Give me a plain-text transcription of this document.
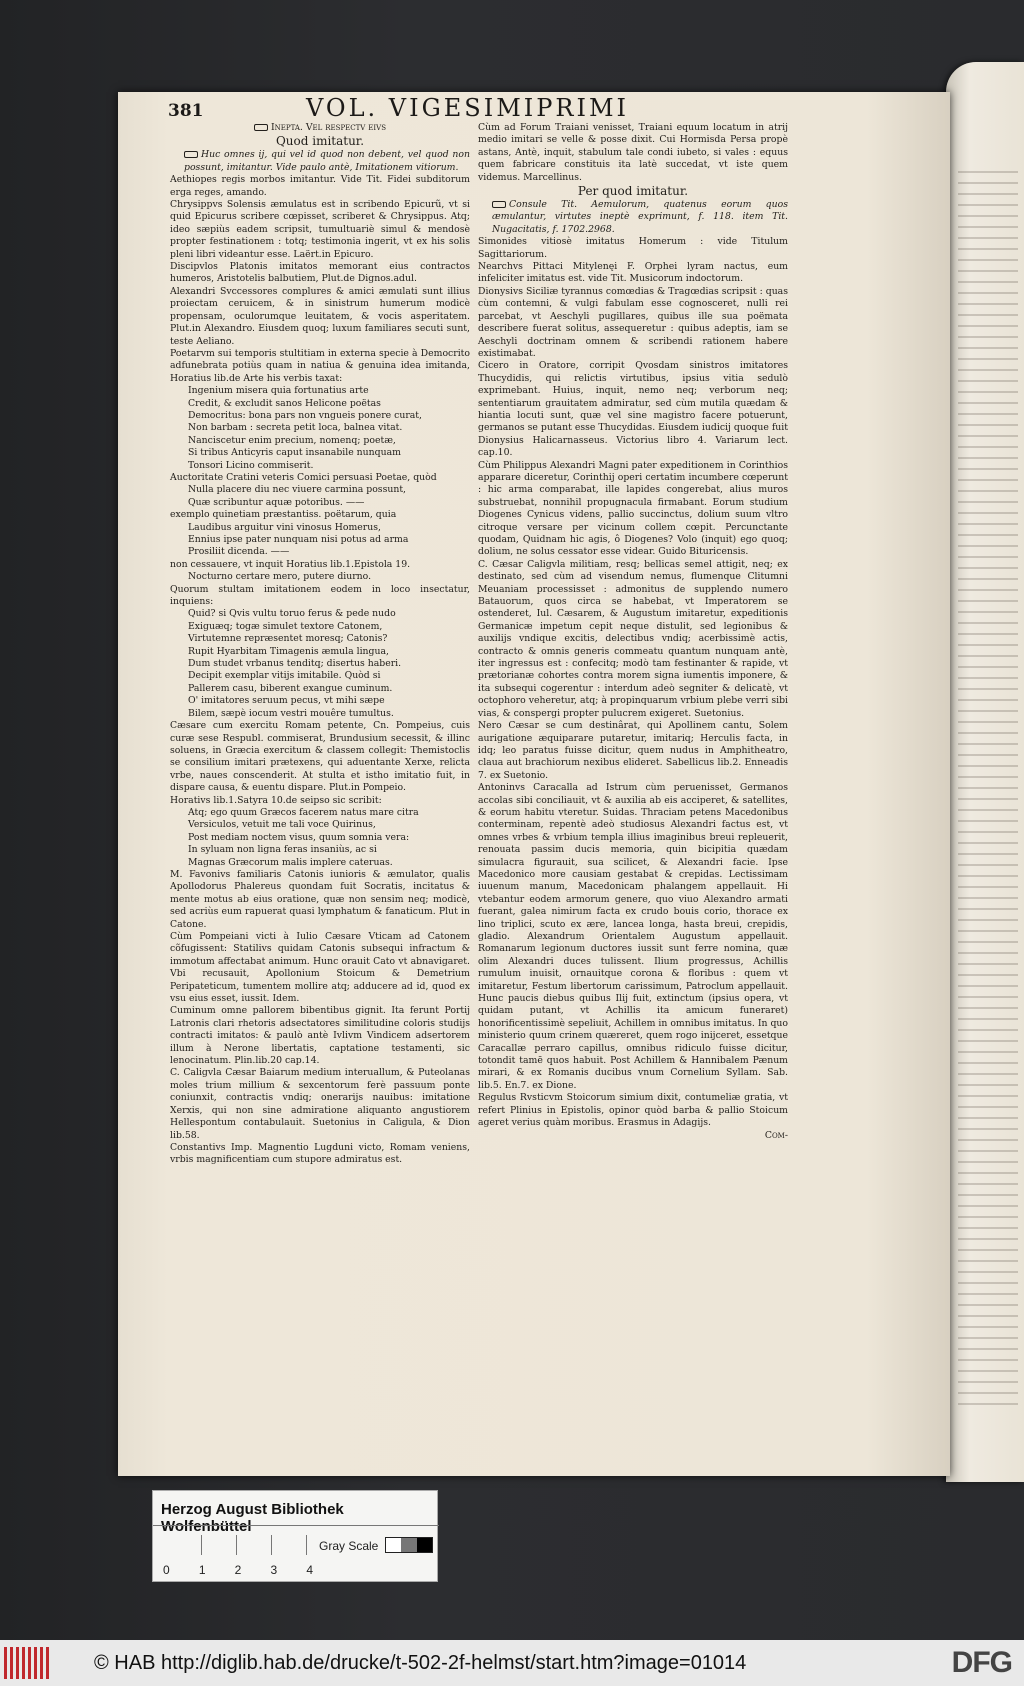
381	VOL. VIGESIMIPRIMI
Inepta. Vel respectv eivs
Quod imitatur.
Huc omnes ij, qui vel id quod non debent, vel quod non possunt, imitantur. Vide paulo antè, Imitationem vitiorum.
Aethiopes regis morbos imitantur. Vide Tit. Fidei subditorum erga reges, amando.
Chrysippvs Solensis æmulatus est in scribendo Epicurũ, vt si quid Epicurus scribere cœpisset, scriberet & Chrysippus. Atq; ideo sæpiùs eadem scripsit, tumultuariè simul & mendosè propter festinationem : totq; testimonia ingerit, vt ex his solis pleni libri videantur esse. Laërt.in Epicuro.
Discipvlos Platonis imitatos memorant eius contractos humeros, Aristotelis balbutiem, Plut.de Dignos.adul.
Alexandri Svccessores complures & amici æmulati sunt illius proiectam ceruicem, & in sinistrum humerum modicè propensam, oculorumque leuitatem, & vocis asperitatem. Plut.in Alexandro. Eiusdem quoq; luxum familiares secuti sunt, teste Aeliano.
Poetarvm sui temporis stultitiam in externa specie à Democrito adfunebrata potiùs quam in natiua & genuina idea imitanda, Horatius lib.de Arte his verbis taxat:
Ingenium misera quia fortunatius arte
Credit, & excludit sanos Helicone poëtas
Democritus: bona pars non vngueis ponere curat,
Non barbam : secreta petit loca, balnea vitat.
Nanciscetur enim precium, nomenq; poetæ,
Si tribus Anticyris caput insanabile nunquam
Tonsori Licino commiserit.
Auctoritate Cratini veteris Comici persuasi Poetae, quòd
Nulla placere diu nec viuere carmina possunt,
Quæ scribuntur aquæ potoribus. ——
exemplo quinetiam præstantiss. poëtarum, quia
Laudibus arguitur vini vinosus Homerus,
Ennius ipse pater nunquam nisi potus ad arma
Prosiliit dicenda. ——
non cessauere, vt inquit Horatius lib.1.Epistola 19.
Nocturno certare mero, putere diurno.
Quorum stultam imitationem eodem in loco insectatur, inquiens:
Quid? si Qvis vultu toruo ferus & pede nudo
Exiguæq; togæ simulet textore Catonem,
Virtutemne repræsentet moresq; Catonis?
Rupit Hyarbitam Timagenis æmula lingua,
Dum studet vrbanus tenditq; disertus haberi.
Decipit exemplar vitijs imitabile. Quòd si
Pallerem casu, biberent exangue cuminum.
O' imitatores seruum pecus, vt mihi sæpe
Bilem, sæpè iocum vestri mouêre tumultus.
Cæsare cum exercitu Romam petente, Cn. Pompeius, cuis curæ sese Respubl. commiserat, Brundusium secessit, & illinc soluens, in Græcia exercitum & classem collegit: Themistoclis se consilium imitari prætexens, qui aduentante Xerxe, relicta vrbe, naues conscenderit. At stulta et istho imitatio fuit, in dispare causa, & euentu dispare. Plut.in Pompeio.
Horativs lib.1.Satyra 10.de seipso sic scribit:
Atq; ego quum Græcos facerem natus mare citra
Versiculos, vetuit me tali voce Quirinus,
Post mediam noctem visus, quum somnia vera:
In syluam non ligna feras insaniùs, ac si
Magnas Græcorum malis implere cateruas.
M. Favonivs familiaris Catonis iunioris & æmulator, qualis Apollodorus Phalereus quondam fuit Socratis, incitatus & mente motus ab eius oratione, quæ non sensim neq; modicè, sed acriùs eum rapuerat quasi lymphatum & fanaticum. Plut in Catone.
Cùm Pompeiani victi à Iulio Cæsare Vticam ad Catonem cõfugissent: Statilivs quidam Catonis subsequi infractum & immotum affectabat animum. Hunc orauit Cato vt abnavigaret. Vbi recusauit, Apollonium Stoicum & Demetrium Peripateticum, tumentem mollire atq; adducere ad id, quod ex vsu eius esset, iussit. Idem.
Cuminum omne pallorem bibentibus gignit. Ita ferunt Portij Latronis clari rhetoris adsectatores similitudine coloris studijs contracti imitatos: & paulò antè Ivlivm Vindicem adsertorem illum à Nerone libertatis, captatione testamenti, sic lenocinatum. Plin.lib.20 cap.14.
C. Caligvla Cæsar Baiarum medium interuallum, & Puteolanas moles trium millium & sexcentorum ferè passuum ponte coniunxit, contractis vndiq; onerarijs nauibus: imitatione Xerxis, qui non sine admiratione aliquanto angustiorem Hellespontum contabulauit. Suetonius in Caligula, & Dion lib.58.
Constantivs Imp. Magnentio Lugduni victo, Romam veniens, vrbis magnificentiam cum stupore admiratus est.
Cùm ad Forum Traiani venisset, Traiani equum locatum in atrij medio imitari se velle & posse dixit. Cui Hormisda Persa propè astans, Antè, inquit, stabulum tale condi iubeto, si vales : equus quem fabricare constituis ita latè succedat, vt iste quem videmus. Marcellinus.
Per quod imitatur.
Consule Tit. Aemulorum, quatenus eorum quos æmulantur, virtutes ineptè exprimunt, f. 118. item Tit. Nugacitatis, f. 1702.2968.
Simonides vitiosè imitatus Homerum : vide Titulum Sagittariorum.
Nearchvs Pittaci Mitylenęi F. Orphei lyram nactus, eum infeliciter imitatus est. vide Tit. Musicorum indoctorum.
Dionysivs Siciliæ tyrannus comœdias & Tragœdias scripsit : quas cùm contemni, & vulgi fabulam esse cognosceret, nulli rei parcebat, vt Aeschyli pugillares, quibus ille sua poëmata describere fuerat solitus, assequeretur : quibus adeptis, iam se Aeschyli doctrinam omnem & scribendi rationem habere existimabat.
Cicero in Oratore, corripit Qvosdam sinistros imitatores Thucydidis, qui relictis virtutibus, ipsius vitia sedulò exprimebant. Huius, inquit, nemo neq; verborum neq; sententiarum grauitatem admiratur, sed cùm mutila quædam & hiantia locuti sunt, quæ vel sine magistro facere potuerunt, germanos se putant esse Thucydidas. Eiusdem iudicij quoque fuit Dionysius Halicarnasseus. Victorius libro 4. Variarum lect. cap.10.
Cùm Philippus Alexandri Magni pater expeditionem in Corinthios apparare diceretur, Corinthij operi certatim incumbere cœperunt : hic arma comparabat, ille lapides congerebat, alius muros substruebat, nonnihil propugnacula firmabant. Eorum studium Diogenes Cynicus videns, pallio succinctus, dolium suum vltro citroque versare per vicinum collem cœpit. Percunctante quodam, Quidnam hic agis, ô Diogenes? Volo (inquit) ego quoq; dolium, ne solus cessator esse videar. Guido Bituricensis.
C. Cæsar Caligvla militiam, resq; bellicas semel attigit, neq; ex destinato, sed cùm ad visendum nemus, flumenque Clitumni Meuaniam processisset : admonitus de supplendo numero Batauorum, quos circa se habebat, vt Imperatorem se ostenderet, Iul. Cæsarem, & Augustum imitaretur, expeditionis Germanicæ impetum cepit neque distulit, sed legionibus & auxilijs vndique excitis, delectibus vndiq; acerbissimè actis, contracto & omnis generis commeatu quantum nunquam antè, iter ingressus est : confecitq; modò tam festinanter & rapide, vt prætorianæ cohortes contra morem signa iumentis imponere, & ita subsequi cogerentur : interdum adeò segniter & delicatè, vt octophoro veheretur, atq; à propinquarum vrbium plebe verri sibi vias, & conspergi propter pulucrem exigeret. Suetonius.
Nero Cæsar se cum destinârat, qui Apollinem cantu, Solem aurigatione æquiparare putaretur, imitariq; Herculis facta, in idq; leo paratus fuisse dicitur, quem nudus in Amphitheatro, claua aut brachiorum nexibus elideret. Sabellicus lib.2. Enneadis 7. ex Suetonio.
Antoninvs Caracalla ad Istrum cùm peruenisset, Germanos accolas sibi conciliauit, vt & auxilia ab eis acciperet, & satellites, & eorum habitu vteretur. Suidas. Thraciam petens Macedonibus conterminam, repentè adeò studiosus Alexandri factus est, vt omnes vrbes & vrbium templa illius imaginibus breui repleuerit, renouata passim ducis memoria, quin bicipitia quædam simulacra figurauit, sua scilicet, & Alexandri facie. Ipse Macedonico more causiam gestabat & crepidas. Lectissimam iuuenum manum, Macedonicam phalangem appellauit. Hi vtebantur eodem armorum genere, quo viuo Alexandro armati fuerant, galea nimirum facta ex crudo bouis corio, thorace ex lino triplici, scuto ex ære, lancea longa, hasta breui, crepidis, gladio. Alexandrum Orientalem Augustum appellauit. Romanarum legionum ductores iussit sunt ferre nomina, quæ olim Alexandri duces tulissent. Ilium progressus, Achillis rumulum inuisit, ornauitque corona & floribus : quem vt imitaretur, Festum libertorum carissimum, Patroclum appellauit. Hunc paucis diebus quibus Ilij fuit, extinctum (ipsius opera, vt quidam putant, vt Achillis ita amicum funeraret) honorificentissimè sepeliuit, Achillem in omnibus imitatus. In quo ministerio quum crinem quæreret, quem rogo inijceret, essetque Caracallæ perraro capillus, omnibus ridiculo fuisse dicitur, totondit tamē quos habuit. Post Achillem & Hannibalem Pænum mirari, & ex Romanis ducibus vnum Cornelium Syllam. Sab. lib.5. En.7. ex Dione.
Regulus Rvsticvm Stoicorum simium dixit, contumeliæ gratia, vt refert Plinius in Epistolis, opinor quòd barba & pallio Stoicum ageret verius quàm moribus. Erasmus in Adagijs.
Com-
Herzog August Bibliothek Wolfenbüttel
0 1 2 3 4
Gray Scale
© HAB http://diglib.hab.de/drucke/t-502-2f-helmst/start.htm?image=01014	DFG
